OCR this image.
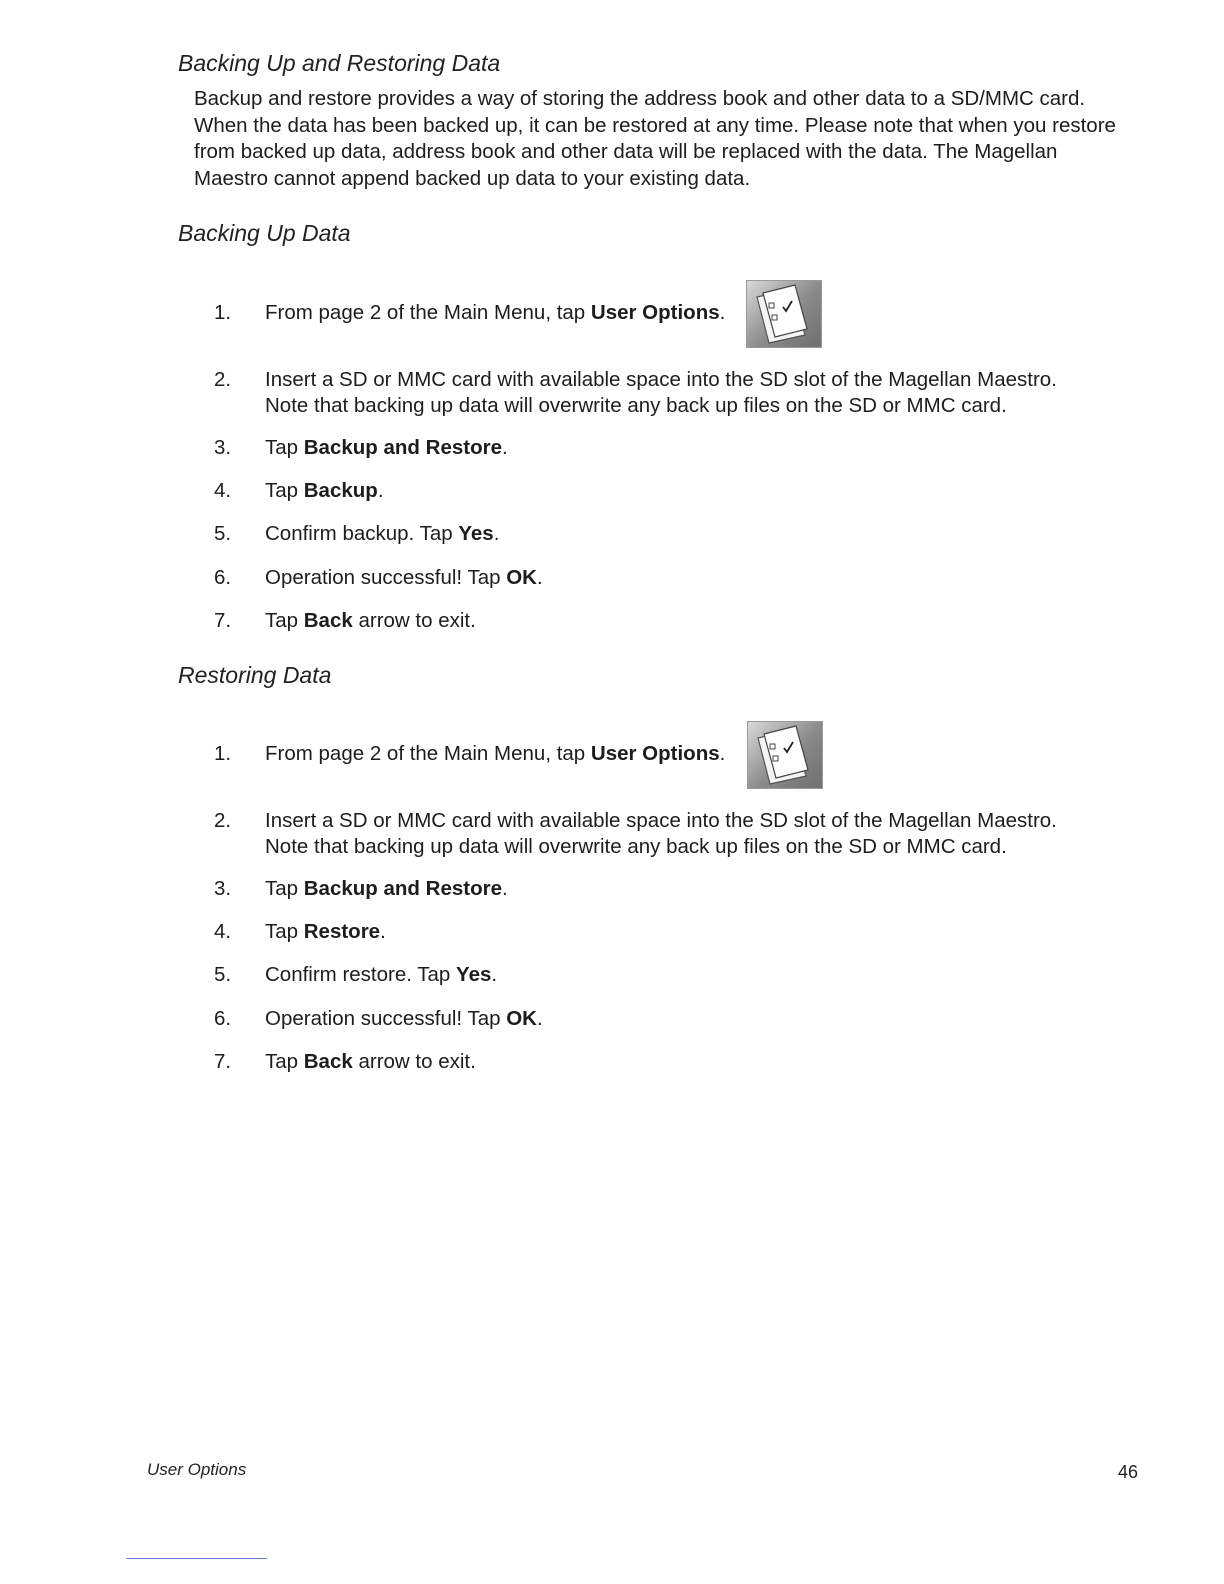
Backing Up and Restoring Data

Backup and restore provides a way of storing the address book and other data to a SD/MMC card. When the data has been backed up, it can be restored at any time. Please note that when you restore from backed up data, address book and other data will be replaced with the data. The Magellan Maestro cannot append backed up data to your existing data.

Backing Up Data
1.	From page 2 of the Main Menu, tap User Options.
2.	Insert a SD or MMC card with available space into the SD slot of the Magellan Maestro.
Note that backing up data will overwrite any back up files on the SD or MMC card.
3.	Tap Backup and Restore.
4.	Tap Backup.
5.	Confirm backup. Tap Yes.
6.	Operation successful! Tap OK.
7.	Tap Back arrow to exit.
Restoring Data
1.	From page 2 of the Main Menu, tap User Options.
2.	Insert a SD or MMC card with available space into the SD slot of the Magellan Maestro.
Note that backing up data will overwrite any back up files on the SD or MMC card.
3.	Tap Backup and Restore.
4.	Tap Restore.
5.	Confirm restore. Tap Yes.
6.	Operation successful! Tap OK.
7.	Tap Back arrow to exit.
User Options	46
